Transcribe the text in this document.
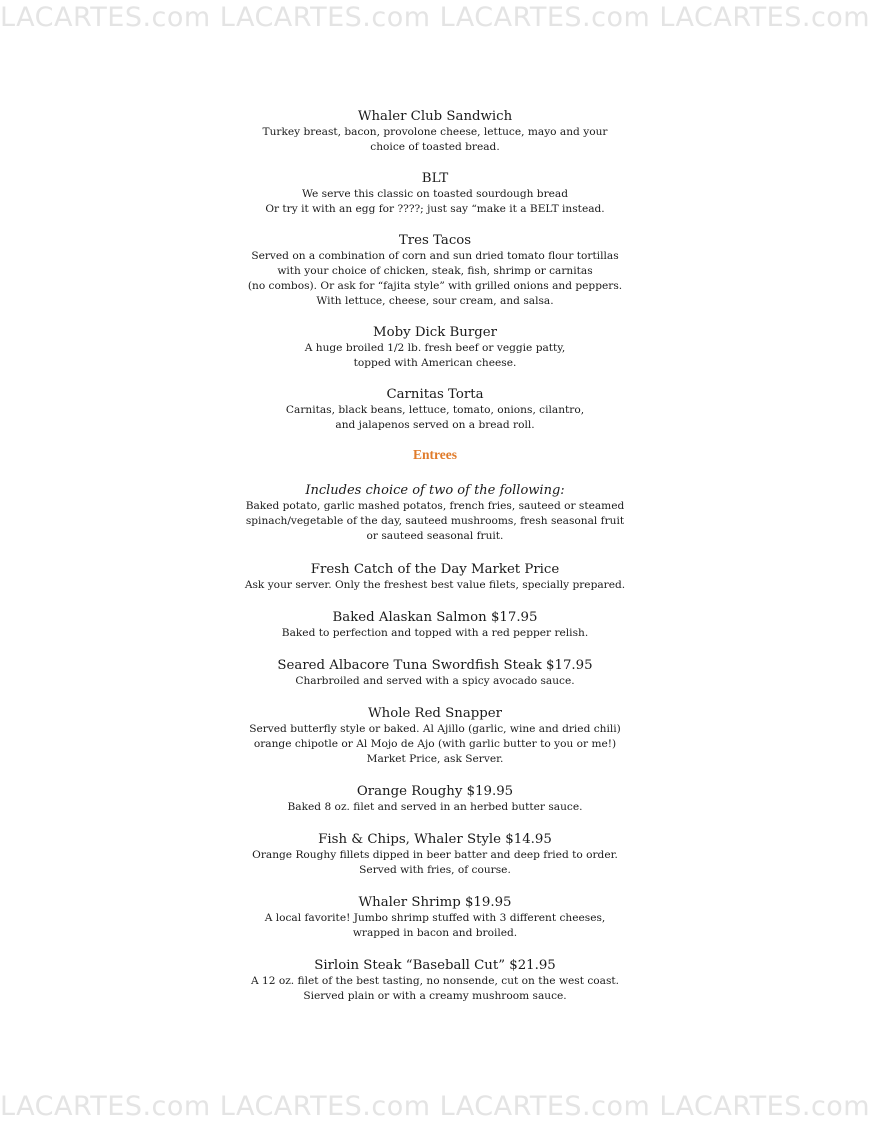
LACARTES.com LACARTES.com LACARTES.com LACARTES.com
Whaler Club Sandwich
Turkey breast, bacon, provolone cheese, lettuce, mayo and your
choice of toasted bread.
BLT
We serve this classic on toasted sourdough bread
Or try it with an egg for ????; just say “make it a BELT instead.
Tres Tacos
Served on a combination of corn and sun dried tomato flour tortillas
with your choice of chicken, steak, fish, shrimp or carnitas
(no combos). Or ask for “fajita style” with grilled onions and peppers.
With lettuce, cheese, sour cream, and salsa.
Moby Dick Burger
A huge broiled 1/2 lb. fresh beef or veggie patty,
topped with American cheese.
Carnitas Torta
Carnitas, black beans, lettuce, tomato, onions, cilantro,
and jalapenos served on a bread roll.
Entrees
Includes choice of two of the following:
Baked potato, garlic mashed potatos, french fries, sauteed or steamed
spinach/vegetable of the day, sauteed mushrooms, fresh seasonal fruit
or sauteed seasonal fruit.
Fresh Catch of the Day Market Price
Ask your server. Only the freshest best value filets, specially prepared.
Baked Alaskan Salmon $17.95
Baked to perfection and topped with a red pepper relish.
Seared Albacore Tuna Swordfish Steak $17.95
Charbroiled and served with a spicy avocado sauce.
Whole Red Snapper
Served butterfly style or baked. Al Ajillo (garlic, wine and dried chili)
orange chipotle or Al Mojo de Ajo (with garlic butter to you or me!)
Market Price, ask Server.
Orange Roughy $19.95
Baked 8 oz. filet and served in an herbed butter sauce.
Fish & Chips, Whaler Style $14.95
Orange Roughy fillets dipped in beer batter and deep fried to order.
Served with fries, of course.
Whaler Shrimp $19.95
A local favorite! Jumbo shrimp stuffed with 3 different cheeses,
wrapped in bacon and broiled.
Sirloin Steak “Baseball Cut” $21.95
A 12 oz. filet of the best tasting, no nonsende, cut on the west coast.
Sierved plain or with a creamy mushroom sauce.
LACARTES.com LACARTES.com LACARTES.com LACARTES.com
